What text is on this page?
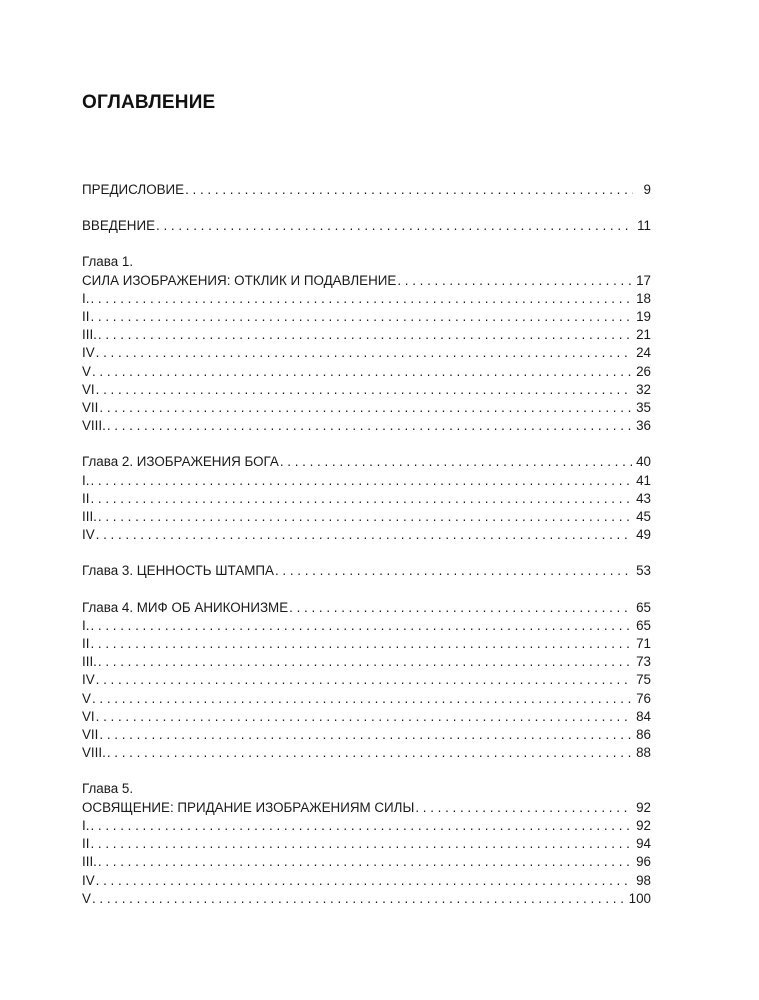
ОГЛАВЛЕНИЕ
ПРЕДИСЛОВИЕ . . .	9
ВВЕДЕНИЕ . . .	11
Глава 1.
СИЛА ИЗОБРАЖЕНИЯ: ОТКЛИК И ПОДАВЛЕНИЕ . . .	17
I. . . .	18
II . . .	19
III. . . .	21
IV . . .	24
V . . .	26
VI . . .	32
VII . . .	35
VIII. . . .	36
Глава 2. ИЗОБРАЖЕНИЯ БОГА . . .	40
I. . . .	41
II . . .	43
III. . . .	45
IV . . .	49
Глава 3. ЦЕННОСТЬ ШТАМПА . . .	53
Глава 4. МИФ ОБ АНИКОНИЗМЕ . . .	65
I. . . .	65
II . . .	71
III. . . .	73
IV . . .	75
V . . .	76
VI . . .	84
VII . . .	86
VIII. . . .	88
Глава 5.
ОСВЯЩЕНИЕ: ПРИДАНИЕ ИЗОБРАЖЕНИЯМ СИЛЫ . . .	92
I. . . .	92
II . . .	94
III. . . .	96
IV . . .	98
V . . .	100
